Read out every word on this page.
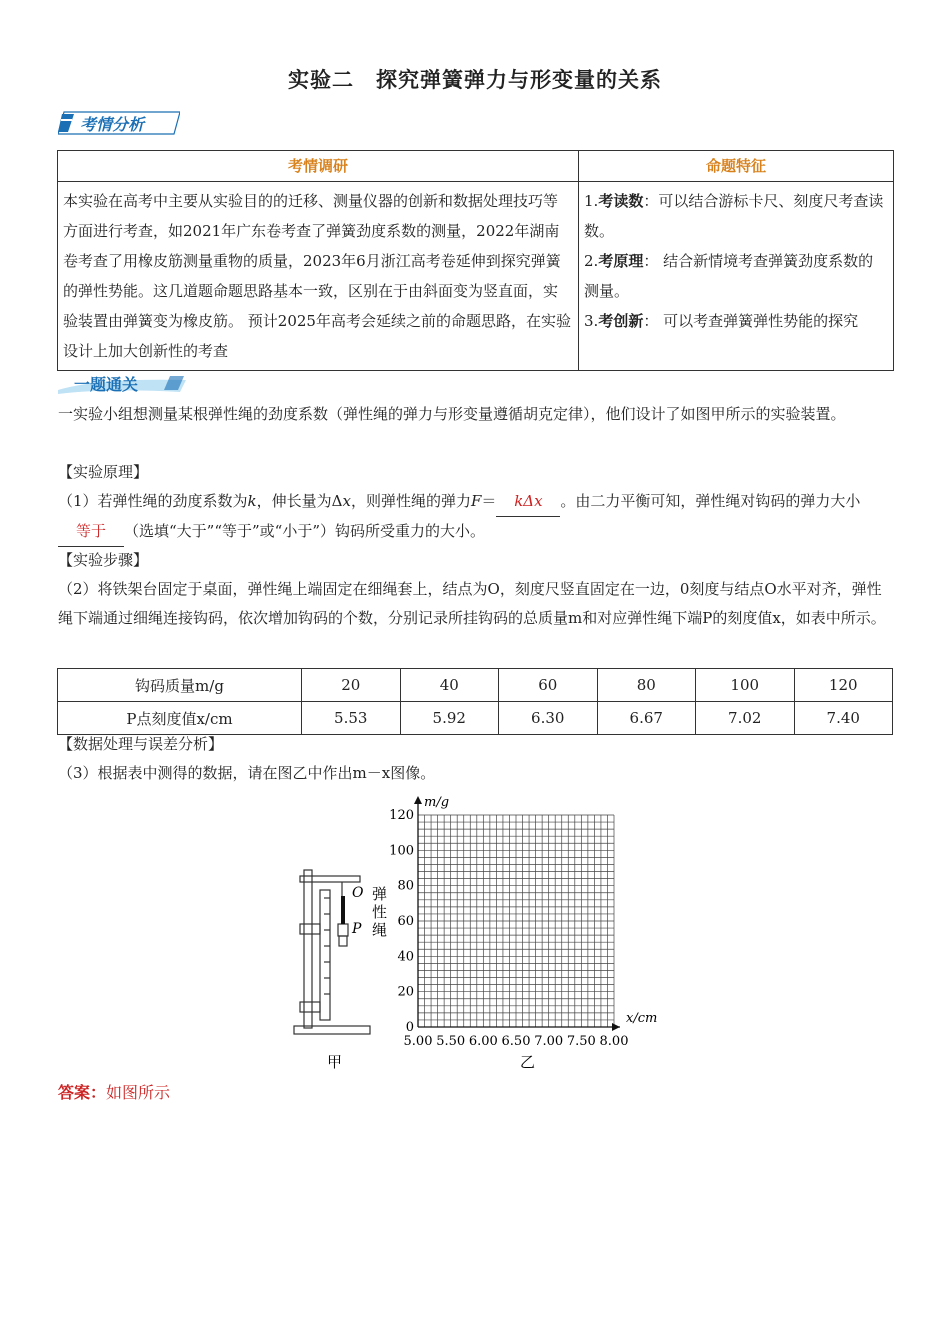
实验二　探究弹簧弹力与形变量的关系
考情分析
考情调研	命题特征
本实验在高考中主要从实验目的的迁移、测量仪器的创新和数据处理技巧等方面进行考查，如2021年广东卷考查了弹簧劲度系数的测量，2022年湖南卷考查了用橡皮筋测量重物的质量，2023年6月浙江高考卷延伸到探究弹簧的弹性势能。这几道题命题思路基本一致，区别在于由斜面变为竖直面，实验装置由弹簧变为橡皮筋。 预计2025年高考会延续之前的命题思路，在实验设计上加大创新性的考查	1.考读数：可以结合游标卡尺、刻度尺考查读数。
2.考原理： 结合新情境考查弹簧劲度系数的测量。
3.考创新： 可以考查弹簧弹性势能的探究
一题通关
一实验小组想测量某根弹性绳的劲度系数（弹性绳的弹力与形变量遵循胡克定律），他们设计了如图甲所示的实验装置。
【实验原理】
（1）若弹性绳的劲度系数为k，伸长量为Δx，则弹性绳的弹力F＝ kΔx 。由二力平衡可知，弹性绳对钩码的弹力大小等于 （选填“大于”“等于”或“小于”）钩码所受重力的大小。
【实验步骤】
（2）将铁架台固定于桌面，弹性绳上端固定在细绳套上，结点为O，刻度尺竖直固定在一边，0刻度与结点O水平对齐，弹性绳下端通过细绳连接钩码，依次增加钩码的个数，分别记录所挂钩码的总质量m和对应弹性绳下端P的刻度值x，如表中所示。
钩码质量m/g	20	40	60	80	100	120
P点刻度值x/cm	5.53	5.92	6.30	6.67	7.02	7.40
【数据处理与误差分析】
（3）根据表中测得的数据，请在图乙中作出m－x图像。
O
P
弹
性
绳
甲
m/g
x/cm
0
20
40
60
80
100
120
5.00 5.50 6.00 6.50 7.00 7.50 8.00
乙
答案：如图所示
